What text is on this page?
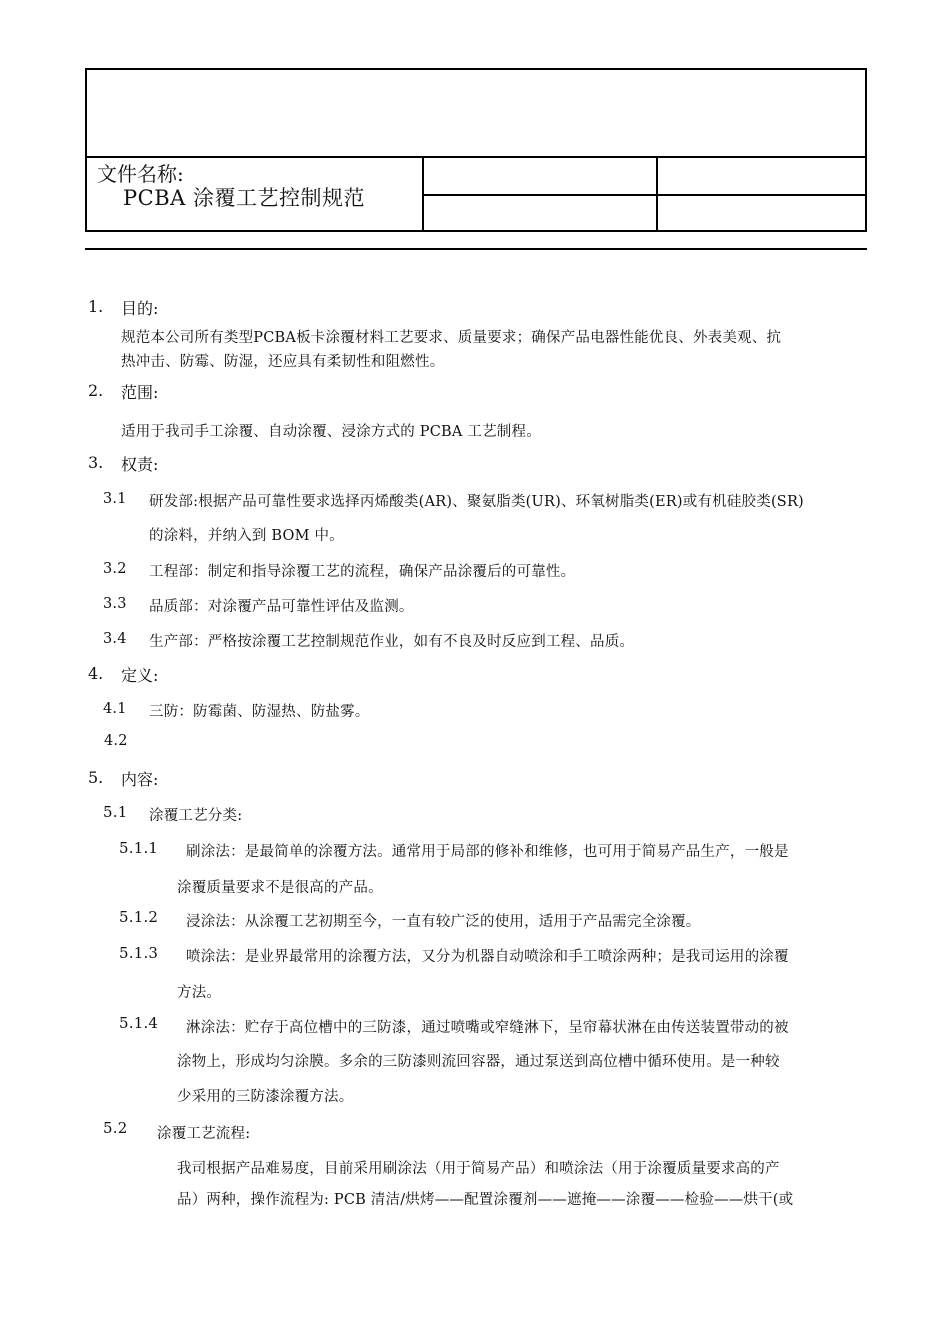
文件名称:
PCBA 涂覆工艺控制规范
1. 目的:
规范本公司所有类型PCBA板卡涂覆材料工艺要求、质量要求；确保产品电器性能优良、外表美观、抗
热冲击、防霉、防湿，还应具有柔韧性和阻燃性。
2. 范围:
适用于我司手工涂覆、自动涂覆、浸涂方式的 PCBA 工艺制程。
3. 权责:
3.1 研发部:根据产品可靠性要求选择丙烯酸类(AR)、聚氨脂类(UR)、环氧树脂类(ER)或有机硅胶类(SR)
的涂料，并纳入到 BOM 中。
3.2 工程部：制定和指导涂覆工艺的流程，确保产品涂覆后的可靠性。
3.3 品质部：对涂覆产品可靠性评估及监测。
3.4 生产部：严格按涂覆工艺控制规范作业，如有不良及时反应到工程、品质。
4. 定义:
4.1 三防：防霉菌、防湿热、防盐雾。
4.2
5. 内容:
5.1 涂覆工艺分类:
5.1.1 刷涂法：是最简单的涂覆方法。通常用于局部的修补和维修，也可用于简易产品生产，一般是
涂覆质量要求不是很高的产品。
5.1.2 浸涂法：从涂覆工艺初期至今，一直有较广泛的使用，适用于产品需完全涂覆。
5.1.3 喷涂法：是业界最常用的涂覆方法，又分为机器自动喷涂和手工喷涂两种；是我司运用的涂覆
方法。
5.1.4 淋涂法：贮存于高位槽中的三防漆，通过喷嘴或窄缝淋下，呈帘幕状淋在由传送装置带动的被
涂物上，形成均匀涂膜。多余的三防漆则流回容器，通过泵送到高位槽中循环使用。是一种较
少采用的三防漆涂覆方法。
5.2 涂覆工艺流程:
我司根据产品难易度，目前采用刷涂法（用于简易产品）和喷涂法（用于涂覆质量要求高的产
品）两种，操作流程为: PCB 清洁/烘烤——配置涂覆剂——遮掩——涂覆——检验——烘干(或
